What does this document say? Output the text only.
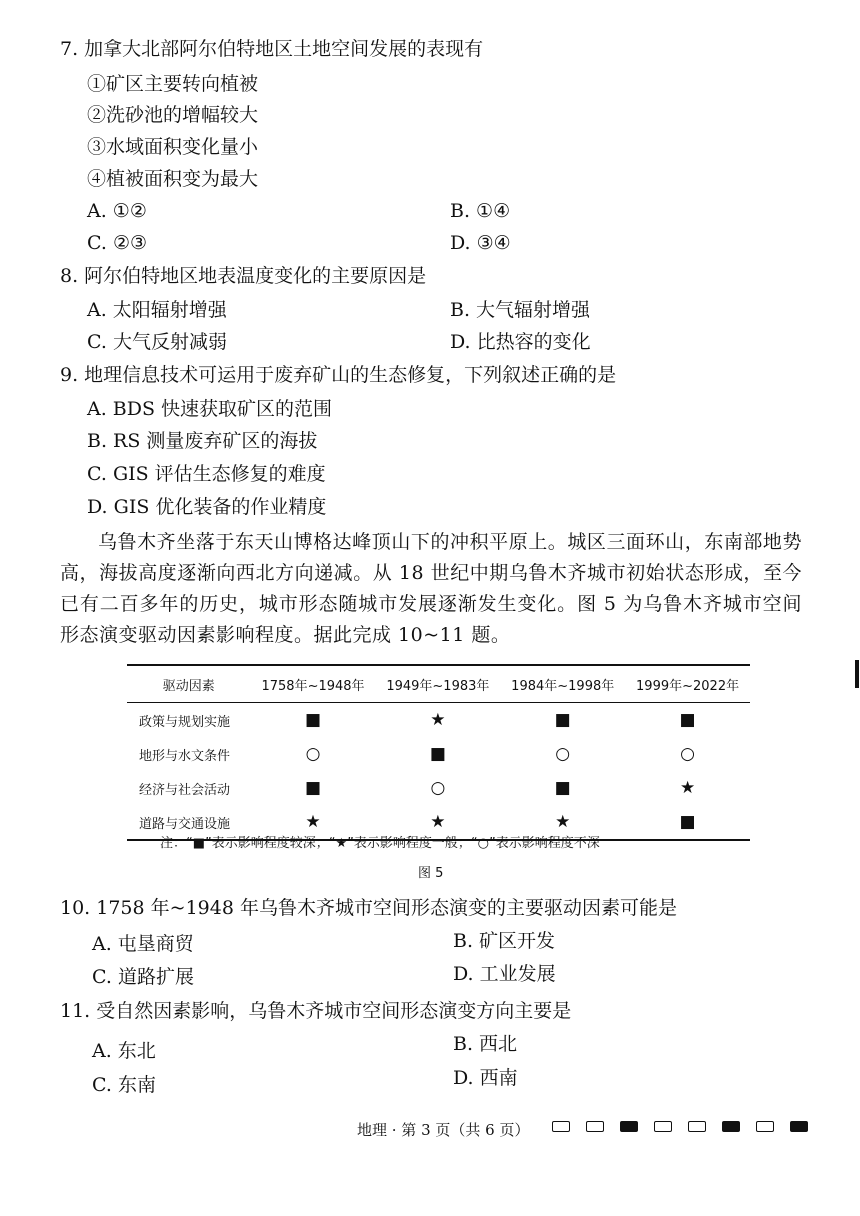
7. 加拿大北部阿尔伯特地区土地空间发展的表现有
①矿区主要转向植被
②洗砂池的增幅较大
③水域面积变化量小
④植被面积变为最大
A. ①②	B. ①④
C. ②③	D. ③④
8. 阿尔伯特地区地表温度变化的主要原因是
A. 太阳辐射增强	B. 大气辐射增强
C. 大气反射减弱	D. 比热容的变化
9. 地理信息技术可运用于废弃矿山的生态修复，下列叙述正确的是
A. BDS 快速获取矿区的范围
B. RS 测量废弃矿区的海拔
C. GIS 评估生态修复的难度
D. GIS 优化装备的作业精度

乌鲁木齐坐落于东天山博格达峰顶山下的冲积平原上。城区三面环山，东南部地势高，海拔高度逐渐向西北方向递减。从 18 世纪中期乌鲁木齐城市初始状态形成，至今已有二百多年的历史，城市形态随城市发展逐渐发生变化。图 5 为乌鲁木齐城市空间形态演变驱动因素影响程度。据此完成 10~11 题。

驱动因素	1758年~1948年	1949年~1983年	1984年~1998年	1999年~2022年
政策与规划实施	■	★	■	■
地形与水文条件	○	■	○	○
经济与社会活动	■	○	■	★
道路与交通设施	★	★	★	■
注：“■”表示影响程度较深；“★”表示影响程度一般；“○”表示影响程度不深
图 5
10. 1758 年~1948 年乌鲁木齐城市空间形态演变的主要驱动因素可能是
A. 屯垦商贸	B. 矿区开发
C. 道路扩展	D. 工业发展
11. 受自然因素影响，乌鲁木齐城市空间形态演变方向主要是
A. 东北	B. 西北
C. 东南	D. 西南
地理 · 第 3 页（共 6 页）
